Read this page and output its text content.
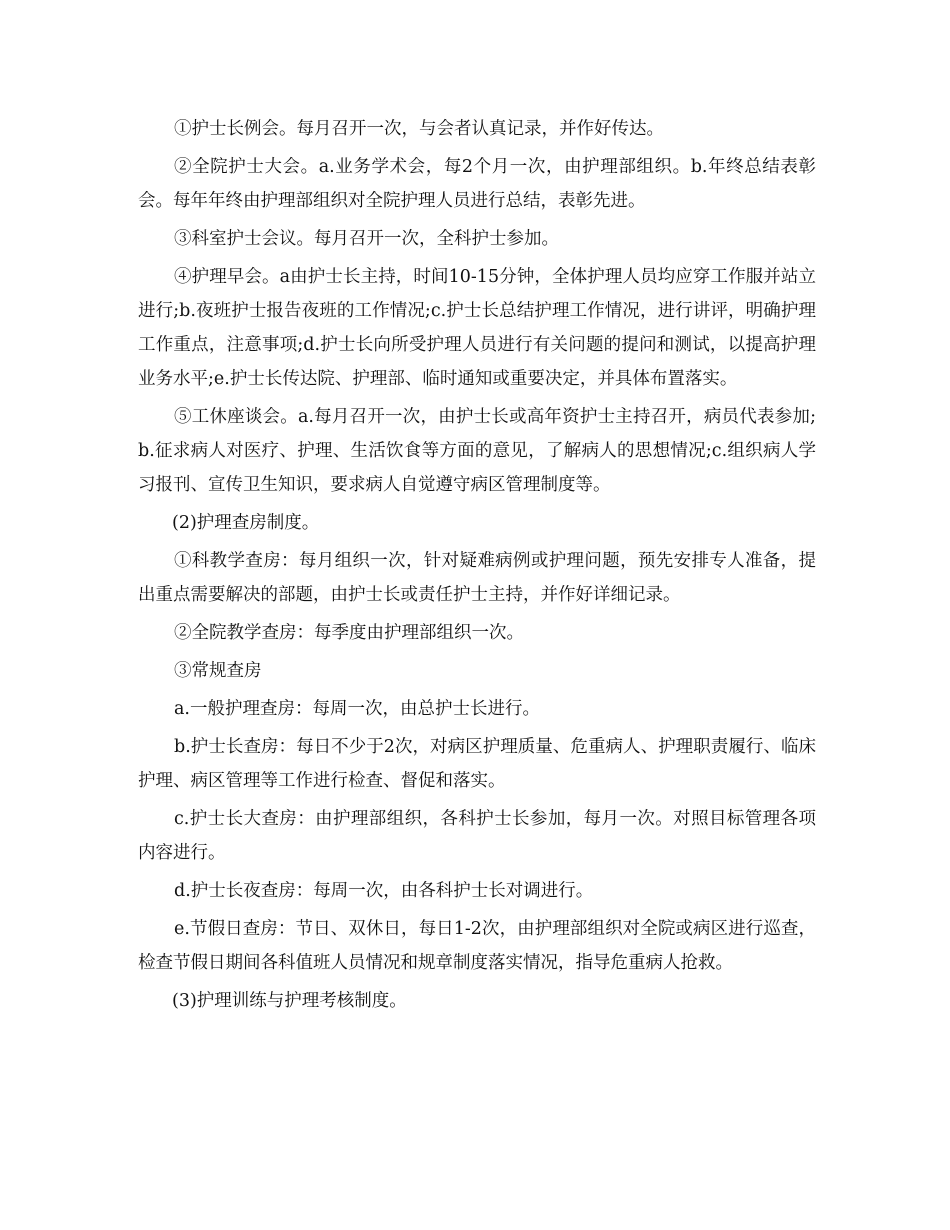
①护士长例会。每月召开一次，与会者认真记录，并作好传达。

②全院护士大会。a.业务学术会，每2个月一次，由护理部组织。b.年终总结表彰会。每年年终由护理部组织对全院护理人员进行总结，表彰先进。

③科室护士会议。每月召开一次，全科护士参加。

④护理早会。a由护士长主持，时间10-15分钟，全体护理人员均应穿工作服并站立进行;b.夜班护士报告夜班的工作情况;c.护士长总结护理工作情况，进行讲评，明确护理工作重点，注意事项;d.护士长向所受护理人员进行有关问题的提问和测试，以提高护理业务水平;e.护士长传达院、护理部、临时通知或重要决定，并具体布置落实。

⑤工休座谈会。a.每月召开一次，由护士长或高年资护士主持召开，病员代表参加;b.征求病人对医疗、护理、生活饮食等方面的意见，了解病人的思想情况;c.组织病人学习报刊、宣传卫生知识，要求病人自觉遵守病区管理制度等。

(2)护理查房制度。

①科教学查房：每月组织一次，针对疑难病例或护理问题，预先安排专人准备，提出重点需要解决的部题，由护士长或责任护士主持，并作好详细记录。

②全院教学查房：每季度由护理部组织一次。

③常规查房

a.一般护理查房：每周一次，由总护士长进行。

b.护士长查房：每日不少于2次，对病区护理质量、危重病人、护理职责履行、临床护理、病区管理等工作进行检查、督促和落实。

c.护士长大查房：由护理部组织，各科护士长参加，每月一次。对照目标管理各项内容进行。

d.护士长夜查房：每周一次，由各科护士长对调进行。

e.节假日查房：节日、双休日，每日1-2次，由护理部组织对全院或病区进行巡查，检查节假日期间各科值班人员情况和规章制度落实情况，指导危重病人抢救。

(3)护理训练与护理考核制度。
